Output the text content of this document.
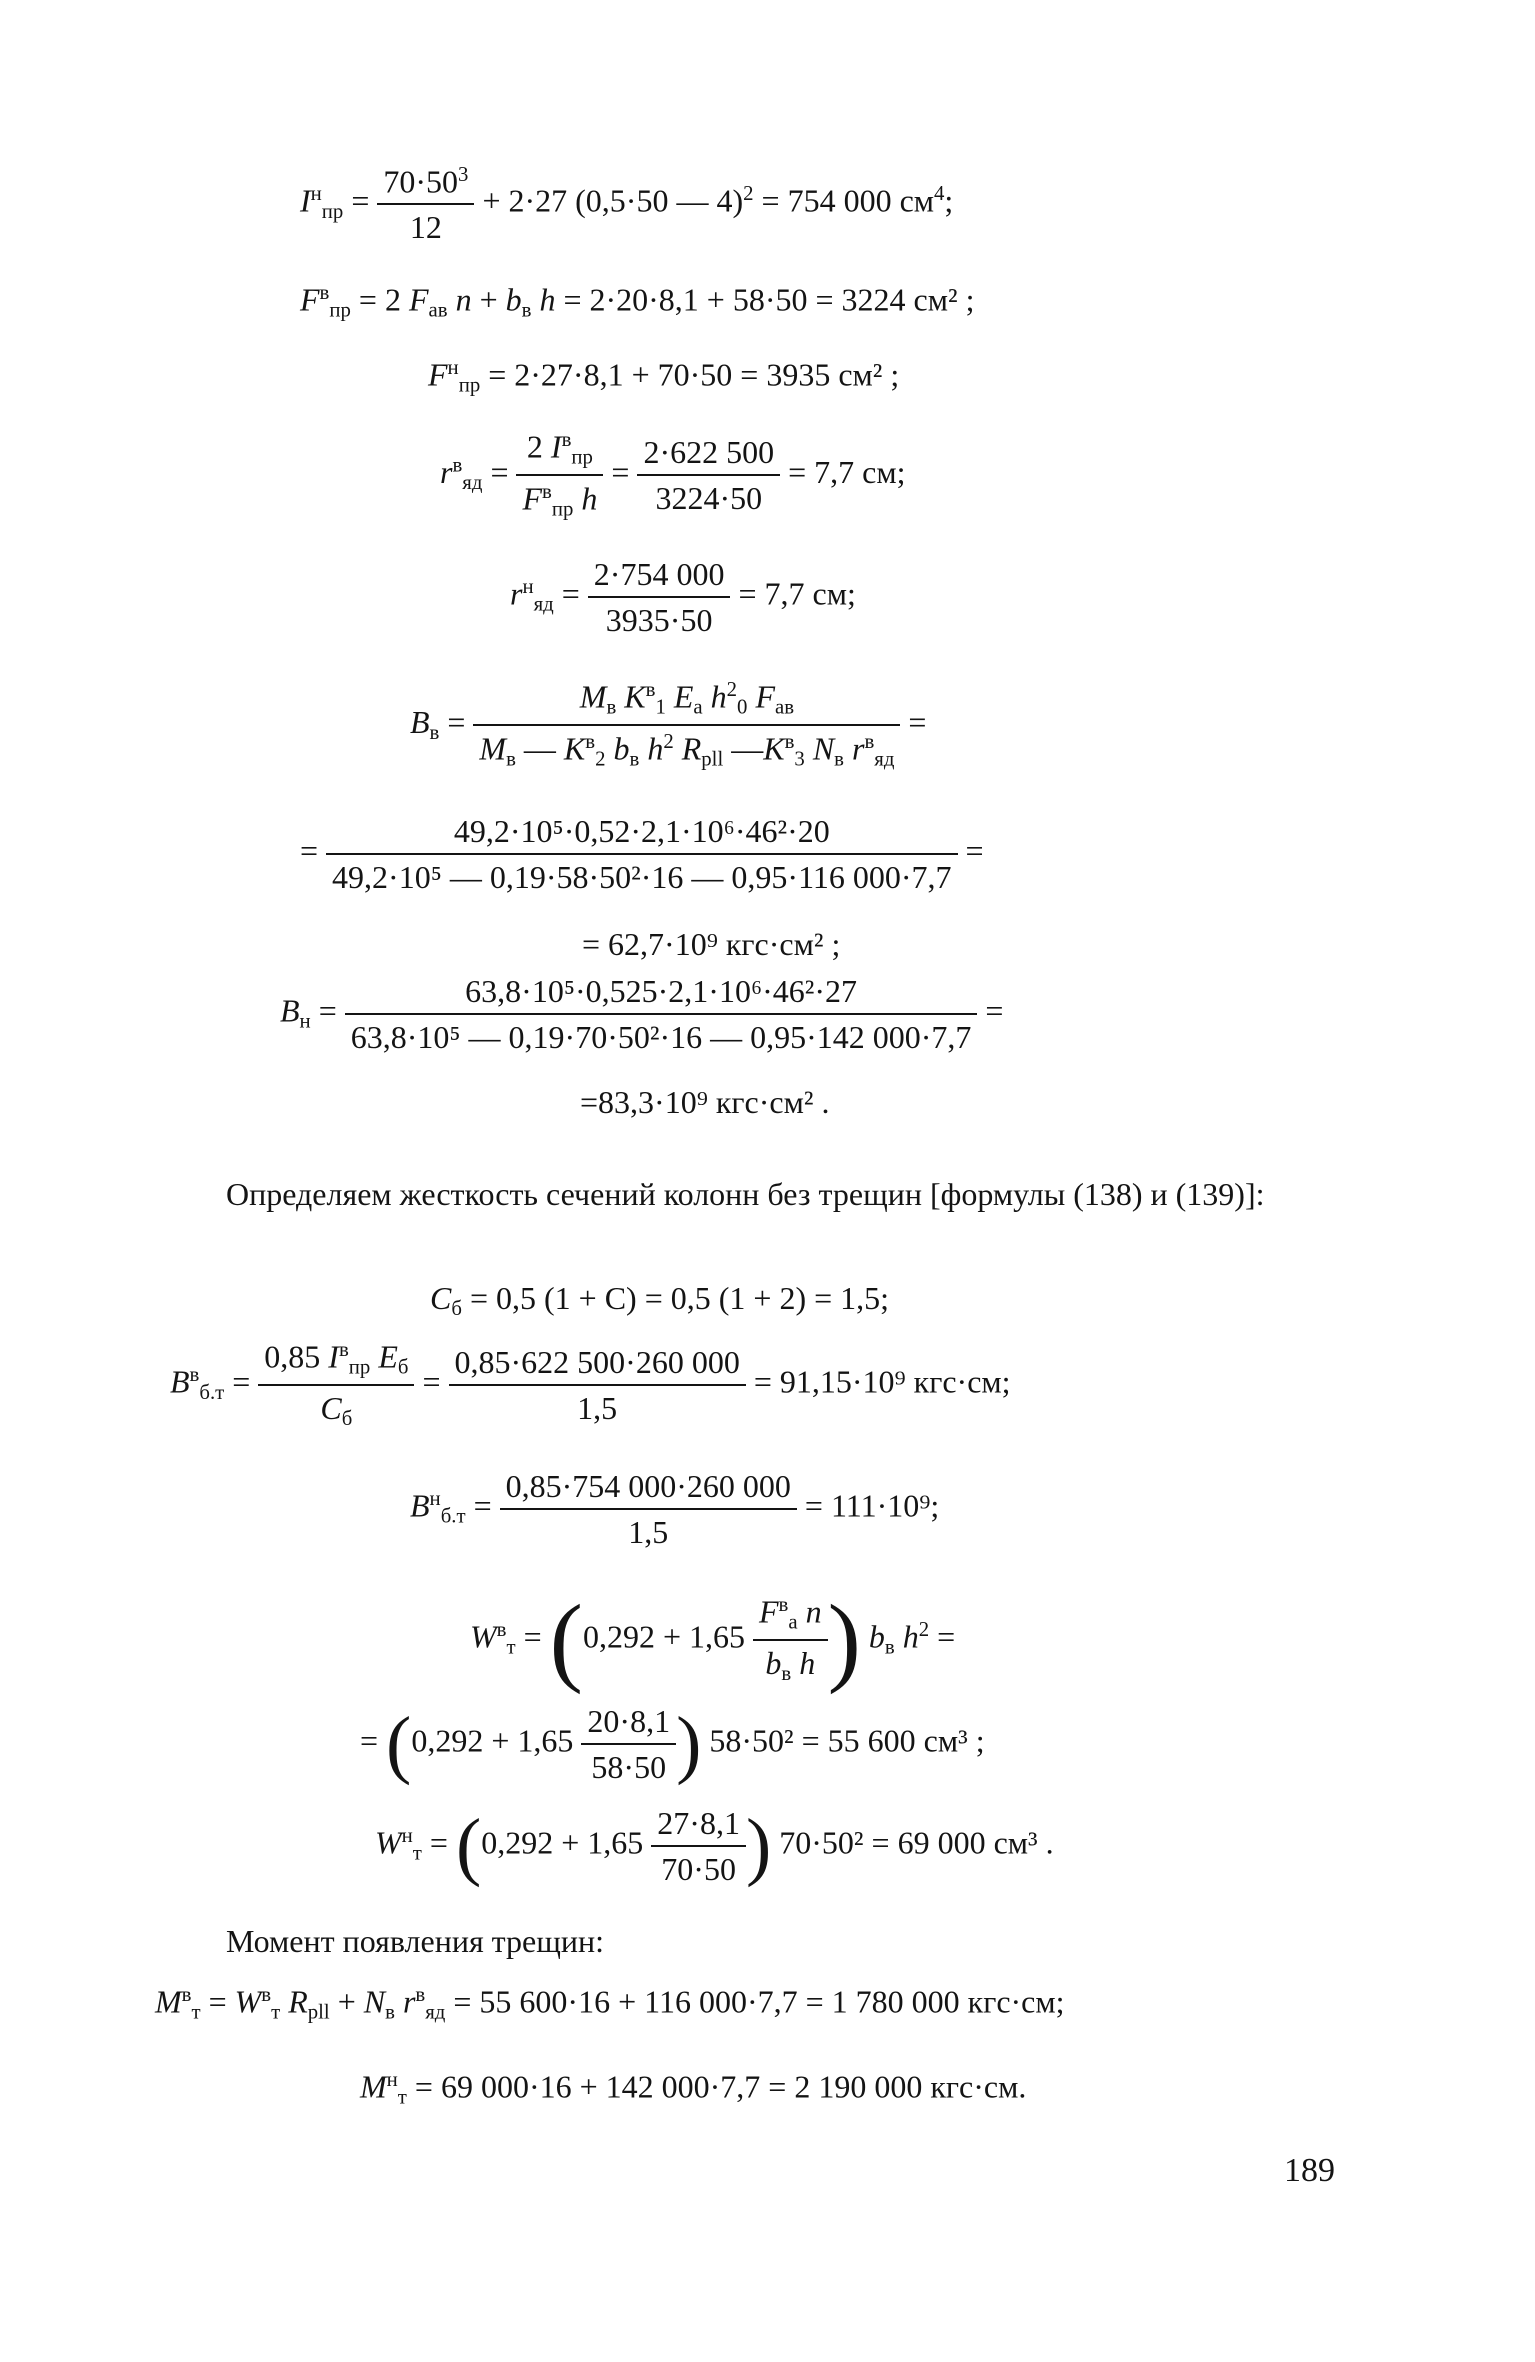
$I^н_{пр} = \frac{70\cdot 50^3}{12} + 2\cdot 27$ (0,5·50 — 4)$^2$ = 754 000 $см^4$;
$F^в_{пр} = 2$ $F_{ав}$ $n + b_в$ h = 2·20·8,1 + 58·50 = 3224 см² ;
$F^н_{пр} = 2\cdot 27\cdot 8,1 + 70\cdot 50 = 3935$ см² ;
$r^в_{яд} = \frac{2 I^в_{пр}}{F^в_{пр} h} = \frac{2\cdot 622 500}{3224\cdot 50} = 7,7$ см;
$r^н_{яд} = \frac{2\cdot 754 000}{3935\cdot 50} = 7,7$ см;
$B_в = \frac{M_в K^в_1 E_а h^2_0 F_{ав}}{M_в — K^в_2 b_в h^2 R_{pll} —K^в_3 N_в r^в_{яд}}$ =
= $\frac{\text{49,2·10⁵·0,52·2,1·10⁶·46²·20}}{\text{49,2·10⁵ — 0,19·58·50²·16 — 0,95·116 000·7,7}}$ =
= 62,7·10⁹ кгс·см² ;
$B_н = \frac{\text{63,8·10⁵·0,525·2,1·10⁶·46²·27}}{\text{63,8·10⁵ — 0,19·70·50²·16 — 0,95·142 000·7,7}}$ =
=83,3·10⁹ кгс·см² .
Определяем жесткость сечений колонн без трещин [формулы (138) и (139)]:
$C_б = 0,5$ (1 + C) = 0,5 (1 + 2) = 1,5;
$B^в_{б.т} = \frac{0,85 I^в_{пр} E_б}{C_б} = \frac{0,85\cdot 622 500\cdot 260 000}{1,5} = 91,15\cdot 10^9$ кгс·см;
$B^н_{б.т} = \frac{0,85\cdot 754 000\cdot 260 000}{1,5} = 111\cdot 10^9$;
$W^в_т = (0,292 + 1,65 \frac{F^в_а n}{b_в h}$ ) $b_в$ $h^2$ =
= ($0,292 + 1,65 \frac{20\cdot 8,1}{58\cdot 50}$ ) 58·50² = 55 600 см³ ;
$W^н_т = (0,292 + 1,65 \frac{27\cdot 8,1}{70\cdot 50}$ ) 70·50² = 69 000 см³ .
Момент появления трещин:
$M^в_т = W^в_т$ $R_{pll} + N_в$ $r^в_{яд} = 55$ 600·16 + 116 000·7,7 = 1 780 000 кгс·см;
$M^н_т = 69$ 000·16 + 142 000·7,7 = 2 190 000 кгс·см.
189
